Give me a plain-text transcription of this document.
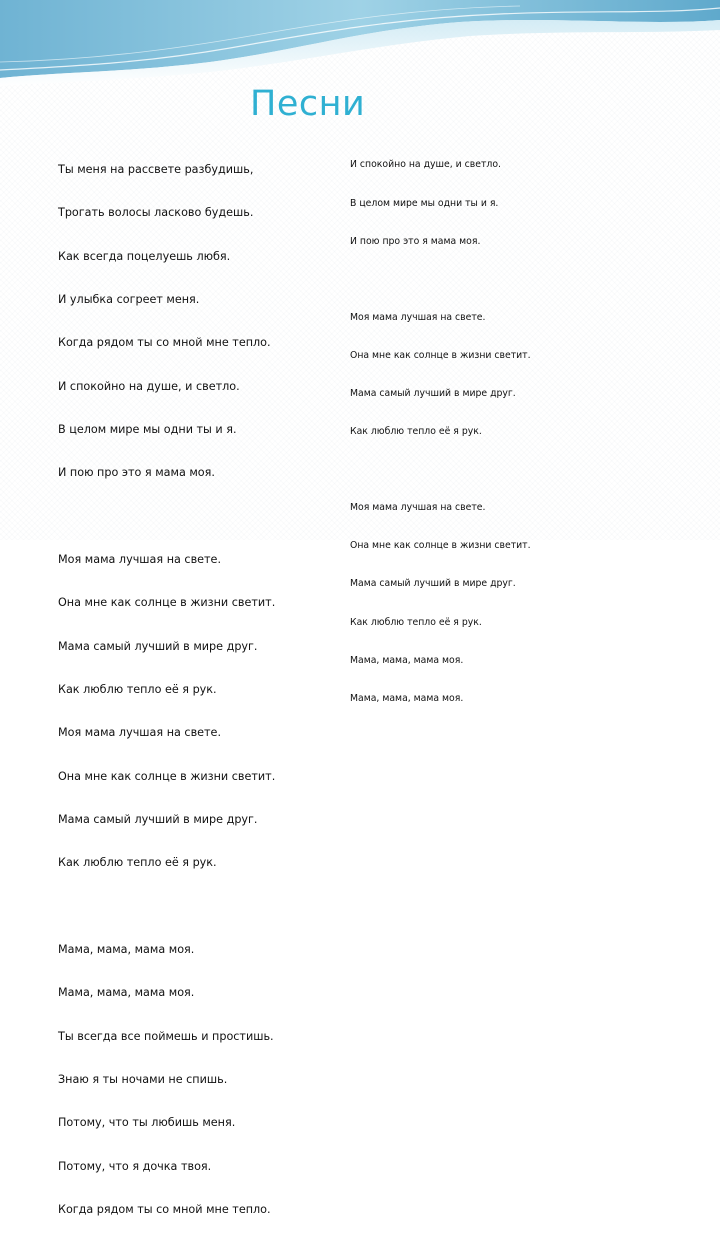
Песни

Ты меня на рассвете разбудишь,

Трогать волосы ласково будешь.

Как всегда поцелуешь любя.

И улыбка согреет меня.

Когда рядом ты со мной мне тепло.

И спокойно на душе, и светло.

В целом мире мы одни ты и я.

И пою про это я мама моя.

Моя мама лучшая на свете.

Она мне как солнце в жизни светит.

Мама самый лучший в мире друг.

Как люблю тепло её я рук.

Моя мама лучшая на свете.

Она мне как солнце в жизни светит.

Мама самый лучший в мире друг.

Как люблю тепло её я рук.

Мама, мама, мама моя.

Мама, мама, мама моя.

Ты всегда все поймешь и простишь.

Знаю я ты ночами не спишь.

Потому, что ты любишь меня.

Потому, что я дочка твоя.

Когда рядом ты со мной мне тепло.

И спокойно на душе, и светло.

В целом мире мы одни ты и я.

И пою про это я мама моя.

Моя мама лучшая на свете.

Она мне как солнце в жизни светит.

Мама самый лучший в мире друг.

Как люблю тепло её я рук.

Моя мама лучшая на свете.

Она мне как солнце в жизни светит.

Мама самый лучший в мире друг.

Как люблю тепло её я рук.

Мама, мама, мама моя.

Мама, мама, мама моя.
